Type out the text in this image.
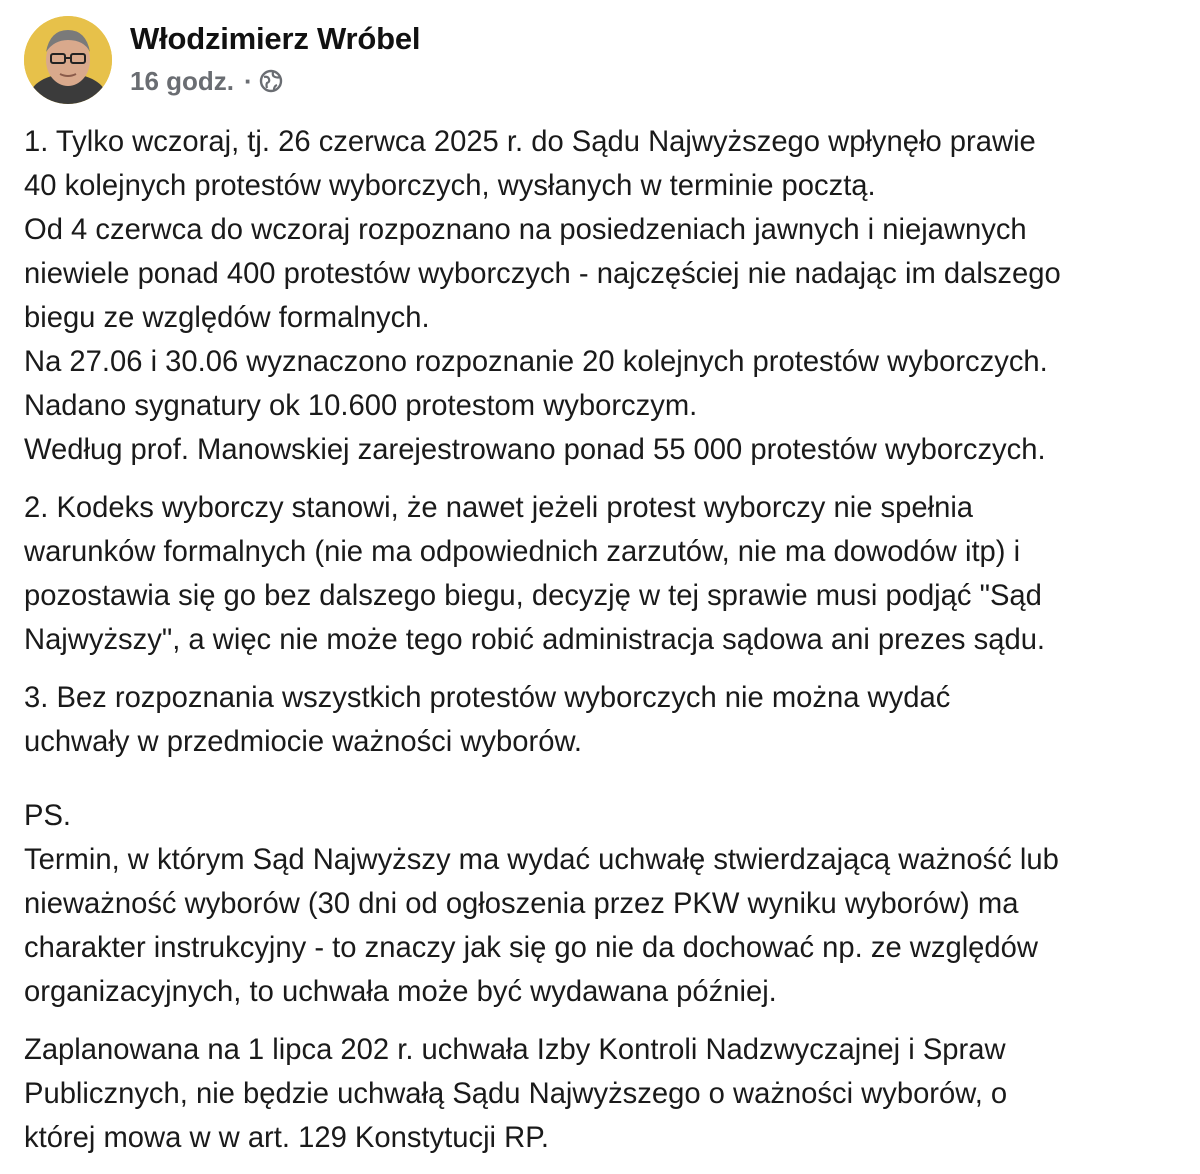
Włodzimierz Wróbel
16 godz. ·

1. Tylko wczoraj, tj. 26 czerwca 2025 r. do Sądu Najwyższego wpłynęło prawie
40 kolejnych protestów wyborczych, wysłanych w terminie pocztą.
Od 4 czerwca do wczoraj rozpoznano na posiedzeniach jawnych i niejawnych
niewiele ponad 400 protestów wyborczych - najczęściej nie nadając im dalszego
biegu ze względów formalnych.
Na 27.06 i 30.06 wyznaczono rozpoznanie 20 kolejnych protestów wyborczych.
Nadano sygnatury ok 10.600 protestom wyborczym.
Według prof. Manowskiej zarejestrowano ponad 55 000 protestów wyborczych.

2. Kodeks wyborczy stanowi, że nawet jeżeli protest wyborczy nie spełnia
warunków formalnych (nie ma odpowiednich zarzutów, nie ma dowodów itp) i
pozostawia się go bez dalszego biegu, decyzję w tej sprawie musi podjąć "Sąd
Najwyższy", a więc nie może tego robić administracja sądowa ani prezes sądu.

3. Bez rozpoznania wszystkich protestów wyborczych nie można wydać
uchwały w przedmiocie ważności wyborów.

PS.
Termin, w którym Sąd Najwyższy ma wydać uchwałę stwierdzającą ważność lub
nieważność wyborów (30 dni od ogłoszenia przez PKW wyniku wyborów) ma
charakter instrukcyjny - to znaczy jak się go nie da dochować np. ze względów
organizacyjnych, to uchwała może być wydawana później.

Zaplanowana na 1 lipca 202 r. uchwała Izby Kontroli Nadzwyczajnej i Spraw
Publicznych, nie będzie uchwałą Sądu Najwyższego o ważności wyborów, o
której mowa w w art. 129 Konstytucji RP.
